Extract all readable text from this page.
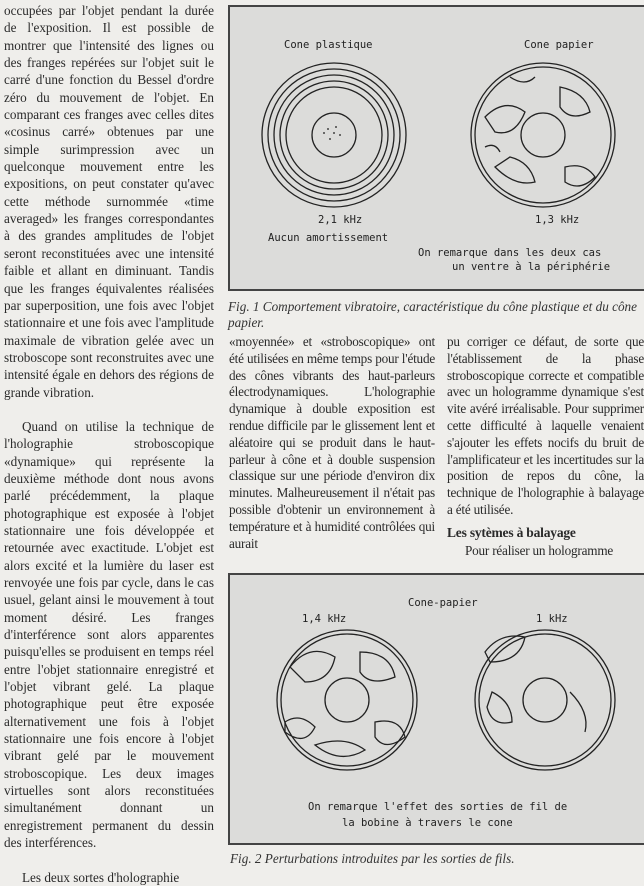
occupées par l'objet pendant la durée de l'exposition. Il est possible de montrer que l'intensité des lignes ou des franges repérées sur l'objet suit le carré d'une fonction du Bessel d'ordre zéro du mouvement de l'objet. En comparant ces franges avec celles dites «cosinus carré» obtenues par une simple surimpression avec un quelconque mouvement entre les expositions, on peut constater qu'avec cette méthode surnommée «time averaged» les franges correspondantes à des grandes amplitudes de l'objet seront reconstituées avec une intensité faible et allant en diminuant. Tandis que les franges équivalentes réalisées par superposition, une fois avec l'objet stationnaire et une fois avec l'amplitude maximale de vibration gelée avec un stroboscope sont reconstruites avec une intensité égale en dehors des régions de grande vibration.

Quand on utilise la technique de l'holographie stroboscopique «dynamique» qui représente la deuxième méthode dont nous avons parlé précédemment, la plaque photographique est exposée à l'objet stationnaire une fois développée et retournée avec exactitude. L'objet est alors excité et la lumière du laser est renvoyée une fois par cycle, dans le cas usuel, gelant ainsi le mouvement à tout moment désiré. Les franges d'interférence sont alors apparentes puisqu'elles se produisent en temps réel entre l'objet stationnaire enregistré et l'objet vibrant gelé. La plaque photographique peut être exposée alternativement une fois à l'objet stationnaire une fois encore à l'objet vibrant gelé par le mouvement stroboscopique. Les deux images virtuelles sont alors reconstituées simultanément donnant un enregistrement permanent du dessin des interférences.

Les deux sortes d'holographie

Cone plastique	Cone papier
2,1 kHz	1,3 kHz
Aucun amortissement
On remarque dans les deux cas
un ventre à la périphérie
Fig. 1 Comportement vibratoire, caractéristique du cône plastique et du cône papier.

«moyennée» et «stroboscopique» ont été utilisées en même temps pour l'étude des cônes vibrants des haut-parleurs électrodynamiques. L'holographie dynamique à double exposition est rendue difficile par le glissement lent et aléatoire qui se produit dans le haut-parleur à cône et à double suspension classique sur une période d'environ dix minutes. Malheureusement il n'était pas possible d'obtenir un environnement à température et à humidité contrôlées qui aurait

pu corriger ce défaut, de sorte que l'établissement de la phase stroboscopique correcte et compatible avec un hologramme dynamique s'est vite avéré irréalisable. Pour supprimer cette difficulté à laquelle venaient s'ajouter les effets nocifs du bruit de l'amplificateur et les incertitudes sur la position de repos du cône, la technique de l'holographie à balayage a été utilisée.

Les sytèmes à balayage

Pour réaliser un hologramme

Cone-papier
1,4 kHz	1 kHz
On remarque l'effet des sorties de fil de
la bobine à travers le cone
Fig. 2 Perturbations introduites par les sorties de fils.
